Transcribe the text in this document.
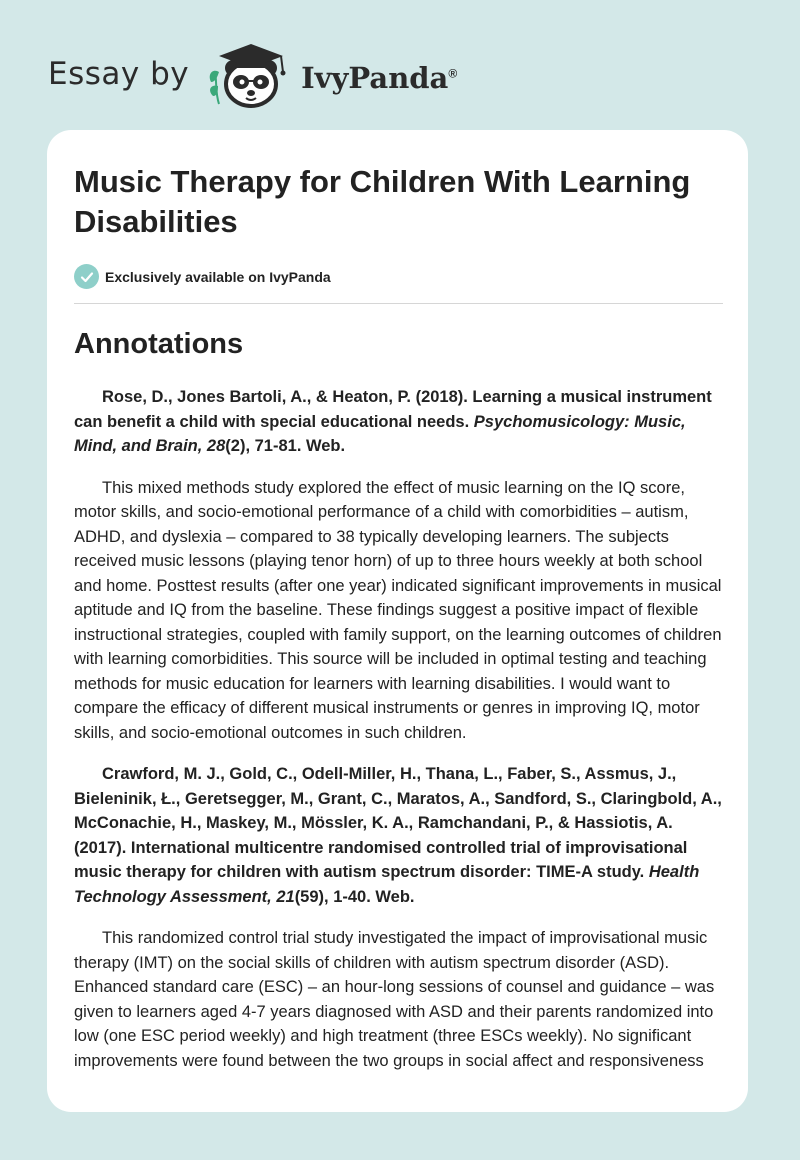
Essay by	IvyPanda®
Music Therapy for Children With Learning Disabilities
Exclusively available on IvyPanda
Annotations

Rose, D., Jones Bartoli, A., & Heaton, P. (2018). Learning a musical instrument can benefit a child with special educational needs. Psychomusicology: Music, Mind, and Brain, 28(2), 71-81. Web.

This mixed methods study explored the effect of music learning on the IQ score, motor skills, and socio-emotional performance of a child with comorbidities – autism, ADHD, and dyslexia – compared to 38 typically developing learners. The subjects received music lessons (playing tenor horn) of up to three hours weekly at both school and home. Posttest results (after one year) indicated significant improvements in musical aptitude and IQ from the baseline. These findings suggest a positive impact of flexible instructional strategies, coupled with family support, on the learning outcomes of children with learning comorbidities. This source will be included in optimal testing and teaching methods for music education for learners with learning disabilities. I would want to compare the efficacy of different musical instruments or genres in improving IQ, motor skills, and socio-emotional outcomes in such children.

Crawford, M. J., Gold, C., Odell-Miller, H., Thana, L., Faber, S., Assmus, J., Bieleninik, Ł., Geretsegger, M., Grant, C., Maratos, A., Sandford, S., Claringbold, A., McConachie, H., Maskey, M., Mössler, K. A., Ramchandani, P., & Hassiotis, A. (2017). International multicentre randomised controlled trial of improvisational music therapy for children with autism spectrum disorder: TIME-A study. Health Technology Assessment, 21(59), 1-40. Web.

This randomized control trial study investigated the impact of improvisational music therapy (IMT) on the social skills of children with autism spectrum disorder (ASD). Enhanced standard care (ESC) – an hour-long sessions of counsel and guidance – was given to learners aged 4-7 years diagnosed with ASD and their parents randomized into low (one ESC period weekly) and high treatment (three ESCs weekly). No significant improvements were found between the two groups in social affect and responsiveness
